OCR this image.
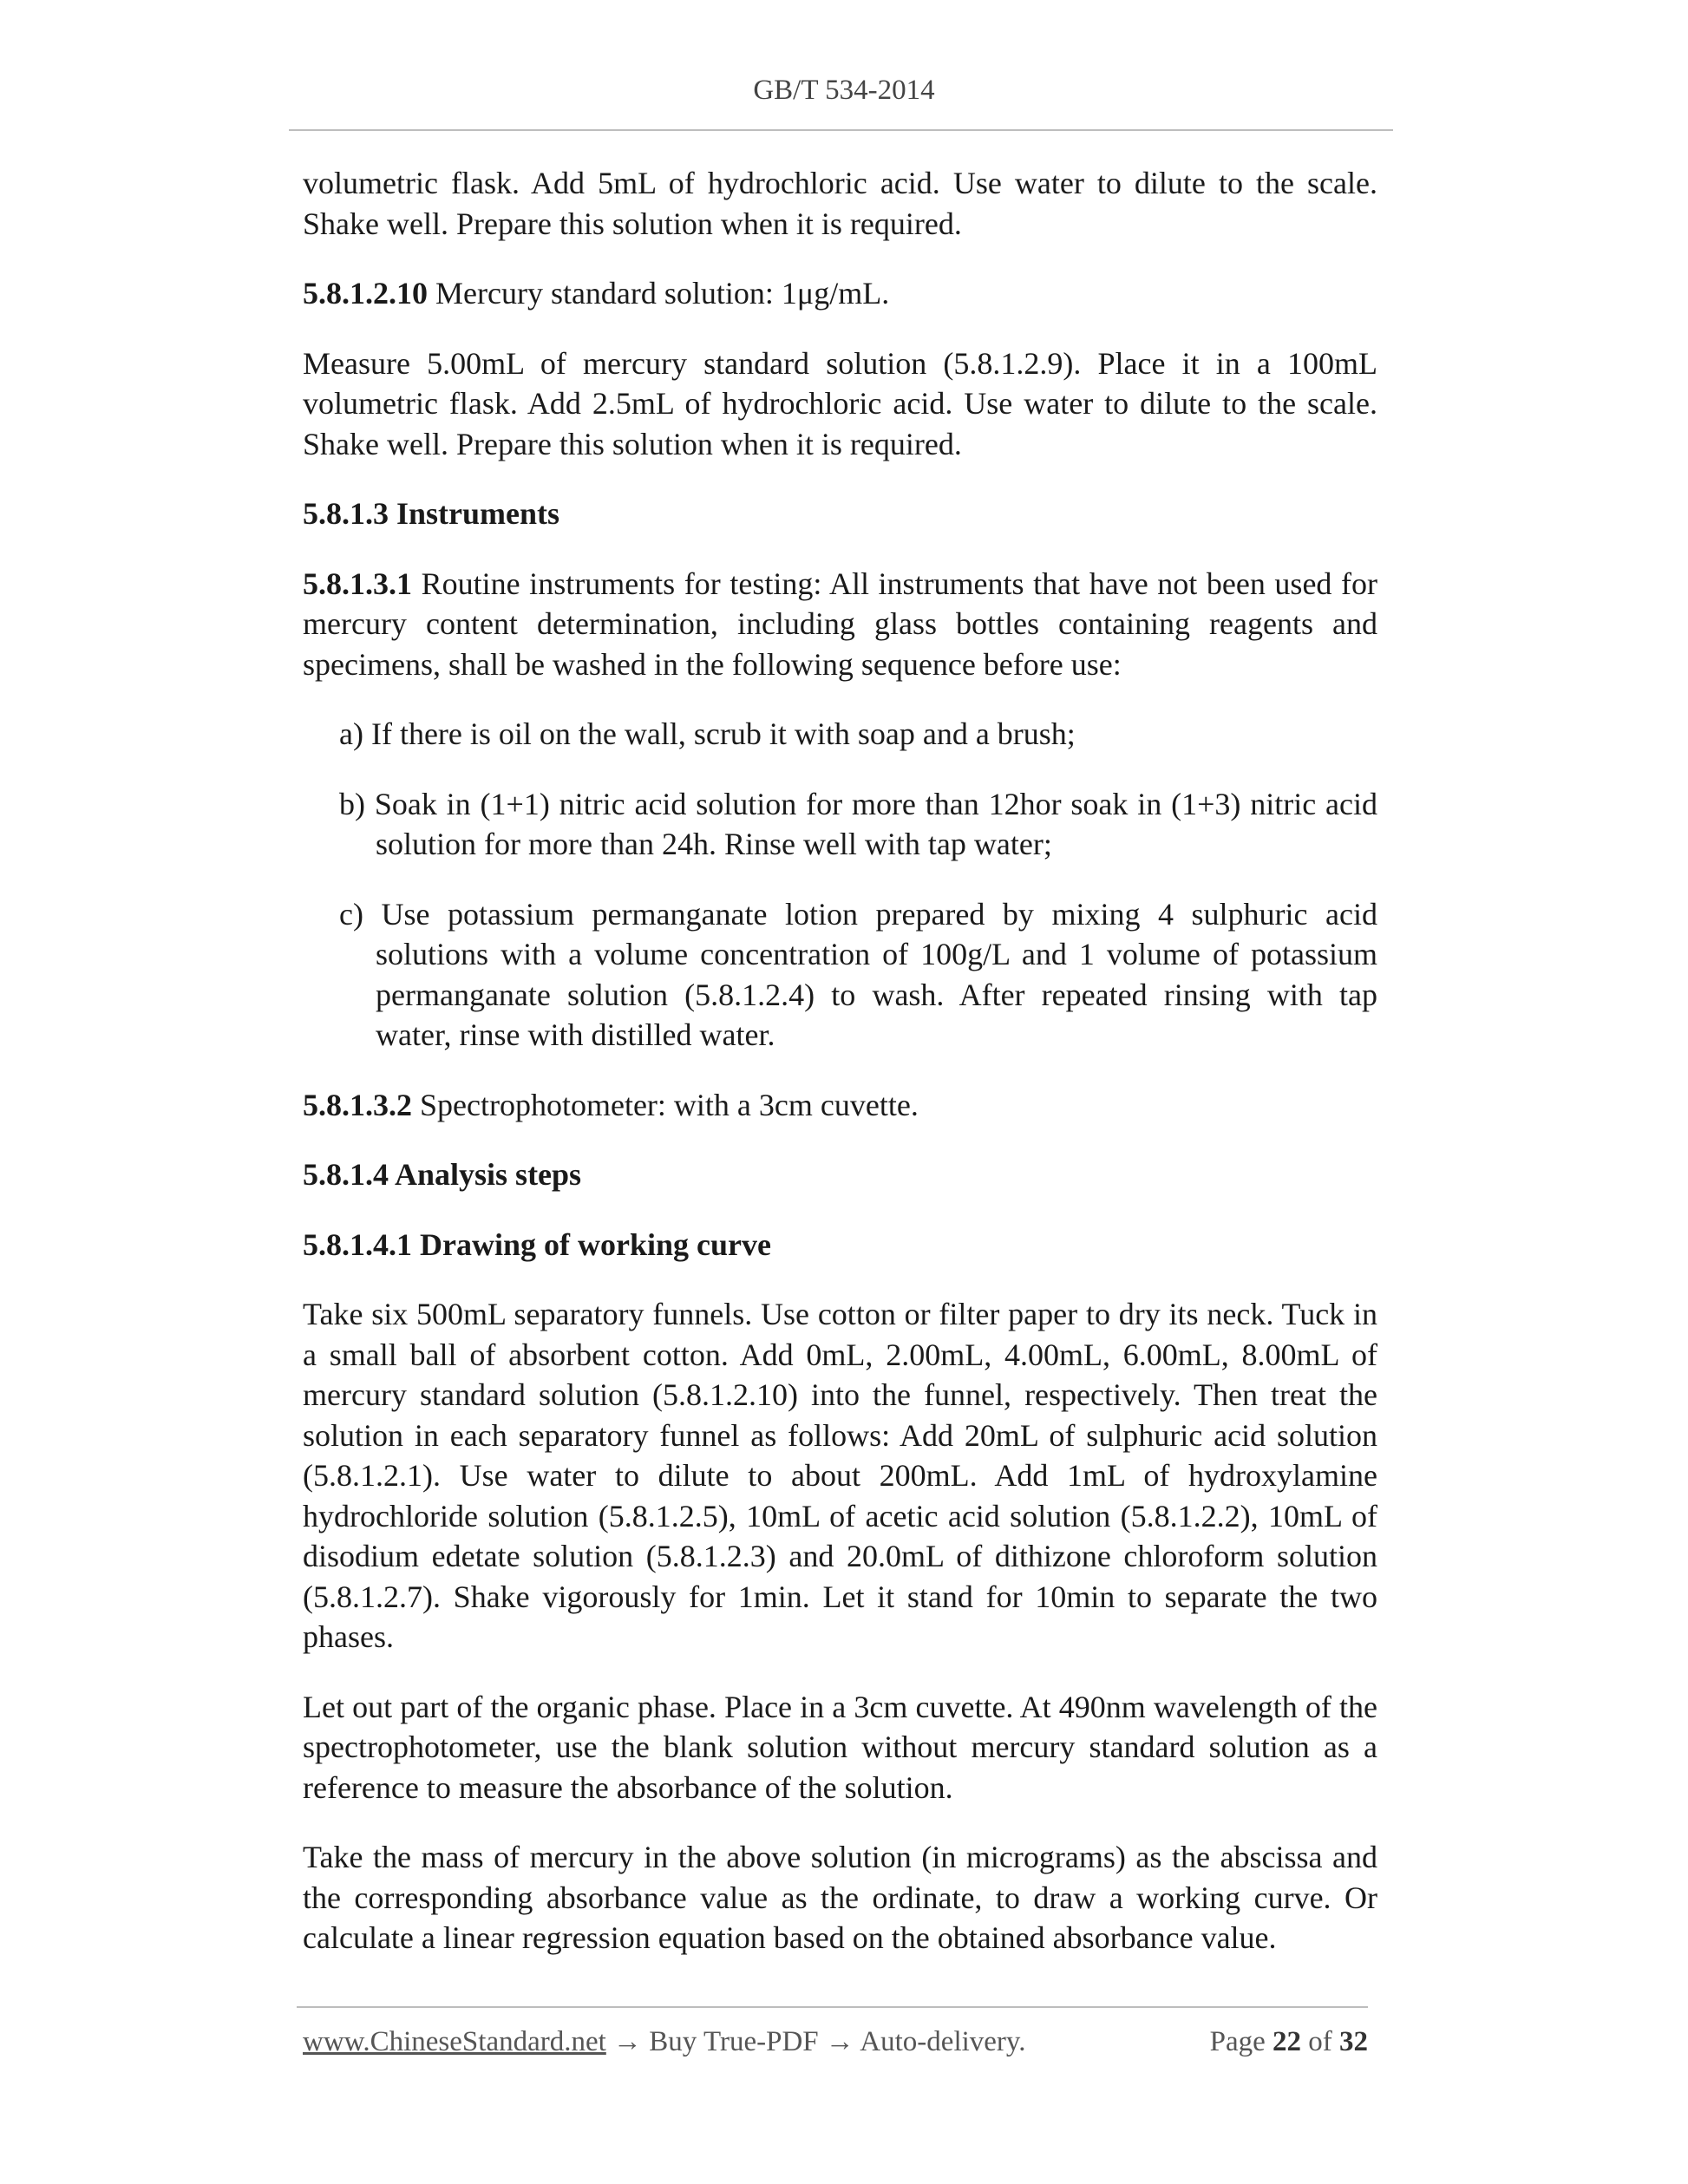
GB/T 534-2014

volumetric flask. Add 5mL of hydrochloric acid. Use water to dilute to the scale. Shake well. Prepare this solution when it is required.

5.8.1.2.10 Mercury standard solution: 1μg/mL.

Measure 5.00mL of mercury standard solution (5.8.1.2.9). Place it in a 100mL volumetric flask. Add 2.5mL of hydrochloric acid. Use water to dilute to the scale. Shake well. Prepare this solution when it is required.

5.8.1.3 Instruments

5.8.1.3.1 Routine instruments for testing: All instruments that have not been used for mercury content determination, including glass bottles containing reagents and specimens, shall be washed in the following sequence before use:

a) If there is oil on the wall, scrub it with soap and a brush;

b) Soak in (1+1) nitric acid solution for more than 12hor soak in (1+3) nitric acid solution for more than 24h. Rinse well with tap water;

c) Use potassium permanganate lotion prepared by mixing 4 sulphuric acid solutions with a volume concentration of 100g/L and 1 volume of potassium permanganate solution (5.8.1.2.4) to wash. After repeated rinsing with tap water, rinse with distilled water.

5.8.1.3.2 Spectrophotometer: with a 3cm cuvette.

5.8.1.4 Analysis steps

5.8.1.4.1 Drawing of working curve

Take six 500mL separatory funnels. Use cotton or filter paper to dry its neck. Tuck in a small ball of absorbent cotton. Add 0mL, 2.00mL, 4.00mL, 6.00mL, 8.00mL of mercury standard solution (5.8.1.2.10) into the funnel, respectively. Then treat the solution in each separatory funnel as follows: Add 20mL of sulphuric acid solution (5.8.1.2.1). Use water to dilute to about 200mL. Add 1mL of hydroxylamine hydrochloride solution (5.8.1.2.5), 10mL of acetic acid solution (5.8.1.2.2), 10mL of disodium edetate solution (5.8.1.2.3) and 20.0mL of dithizone chloroform solution (5.8.1.2.7). Shake vigorously for 1min. Let it stand for 10min to separate the two phases.

Let out part of the organic phase. Place in a 3cm cuvette. At 490nm wavelength of the spectrophotometer, use the blank solution without mercury standard solution as a reference to measure the absorbance of the solution.

Take the mass of mercury in the above solution (in micrograms) as the abscissa and the corresponding absorbance value as the ordinate, to draw a working curve. Or calculate a linear regression equation based on the obtained absorbance value.

www.ChineseStandard.net → Buy True-PDF → Auto-delivery.	Page 22 of 32
